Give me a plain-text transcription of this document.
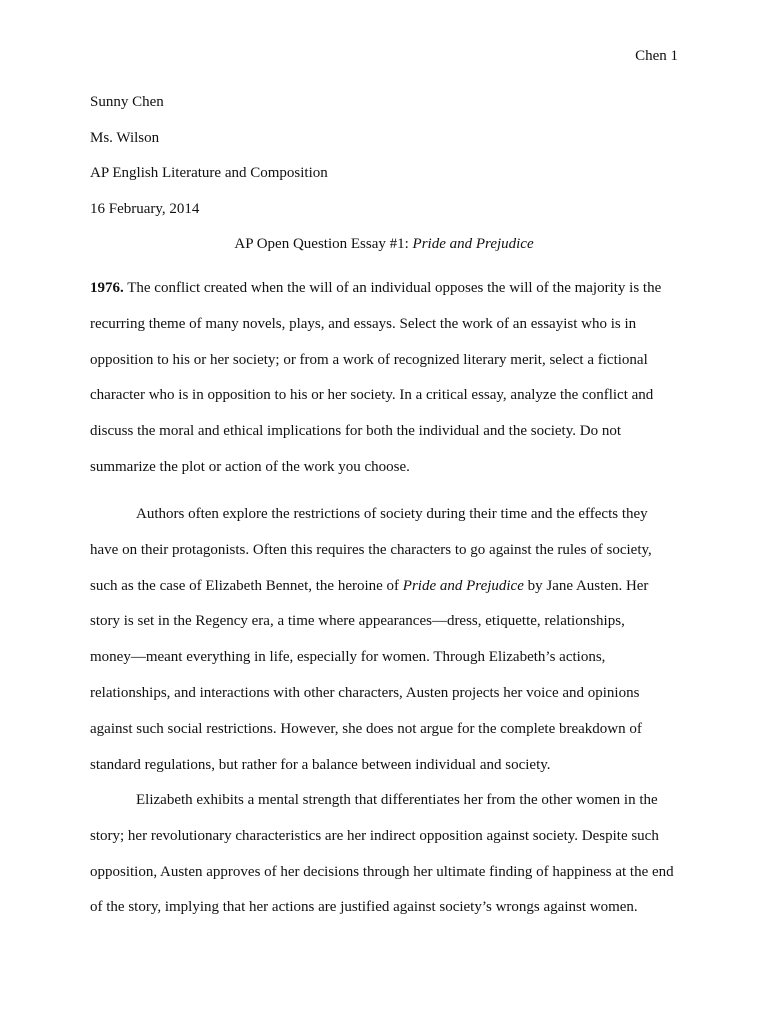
Chen 1
Sunny Chen
Ms. Wilson
AP English Literature and Composition
16 February, 2014
AP Open Question Essay #1: Pride and Prejudice
1976. The conflict created when the will of an individual opposes the will of the majority is the
recurring theme of many novels, plays, and essays. Select the work of an essayist who is in
opposition to his or her society; or from a work of recognized literary merit, select a fictional
character who is in opposition to his or her society. In a critical essay, analyze the conflict and
discuss the moral and ethical implications for both the individual and the society. Do not
summarize the plot or action of the work you choose.
Authors often explore the restrictions of society during their time and the effects they
have on their protagonists. Often this requires the characters to go against the rules of society,
such as the case of Elizabeth Bennet, the heroine of Pride and Prejudice by Jane Austen. Her
story is set in the Regency era, a time where appearances—dress, etiquette, relationships,
money—meant everything in life, especially for women. Through Elizabeth’s actions,
relationships, and interactions with other characters, Austen projects her voice and opinions
against such social restrictions. However, she does not argue for the complete breakdown of
standard regulations, but rather for a balance between individual and society.
Elizabeth exhibits a mental strength that differentiates her from the other women in the
story; her revolutionary characteristics are her indirect opposition against society. Despite such
opposition, Austen approves of her decisions through her ultimate finding of happiness at the end
of the story, implying that her actions are justified against society’s wrongs against women.
